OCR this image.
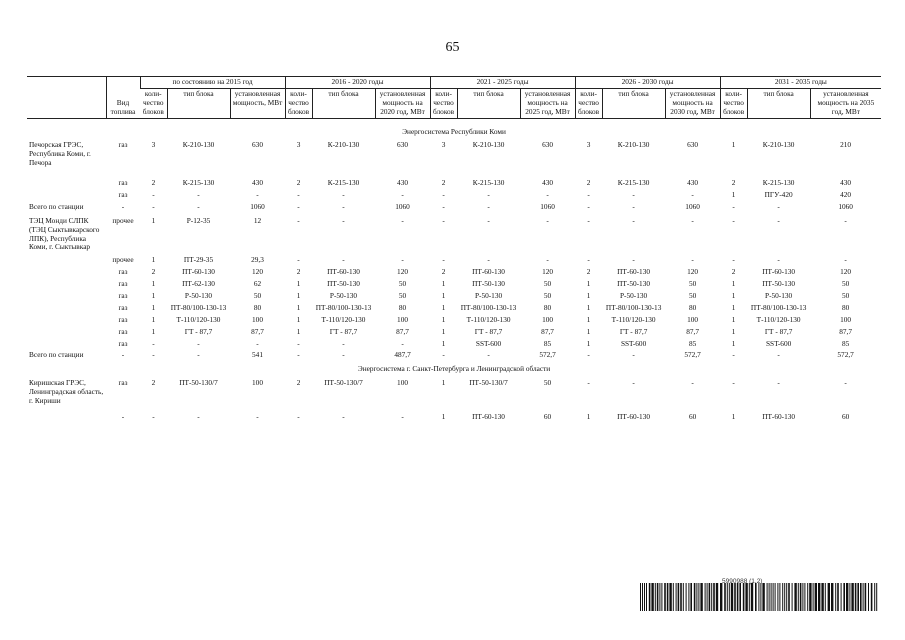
65
	Вид топлива	по состоянию на 2015 год			2016 - 2020 годы			2021 - 2025 годы			2026 - 2030 годы			2031 - 2035 годы		
		коли-чество блоков	тип блока	установленная мощность, МВт	коли-чество блоков	тип блока	установленная мощность на 2020 год, МВт	коли-чество блоков	тип блока	установленная мощность на 2025 год, МВт	коли-чество блоков	тип блока	установленная мощность на 2030 год, МВт	коли-чество блоков	тип блока	установленная мощность на 2035 год, МВт

Энергосистема Республики Коми																
Печорская ГРЭС, Республика Коми, г. Печора	газ	3	К-210-130	630	3	К-210-130	630	3	К-210-130	630	3	К-210-130	630	1	К-210-130	210
	газ	2	К-215-130	430	2	К-215-130	430	2	К-215-130	430	2	К-215-130	430	2	К-215-130	430
	газ	-	-	-	-	-	-	-	-	-	-	-	-	1	ПГУ-420	420
Всего по станции	-	-	-	1060	-	-	1060	-	-	1060	-	-	1060	-	-	1060
ТЭЦ Монди СЛПК (ТЭЦ Сыктывкарского ЛПК), Республика Коми, г. Сыктывкар	прочее	1	Р-12-35	12	-	-	-	-	-	-	-	-	-	-	-	-
	прочее	1	ПТ-29-35	29,3	-	-	-	-	-	-	-	-	-	-	-	-
	газ	2	ПТ-60-130	120	2	ПТ-60-130	120	2	ПТ-60-130	120	2	ПТ-60-130	120	2	ПТ-60-130	120
	газ	1	ПТ-62-130	62	1	ПТ-50-130	50	1	ПТ-50-130	50	1	ПТ-50-130	50	1	ПТ-50-130	50
	газ	1	Р-50-130	50	1	Р-50-130	50	1	Р-50-130	50	1	Р-50-130	50	1	Р-50-130	50
	газ	1	ПТ-80/100-130-13	80	1	ПТ-80/100-130-13	80	1	ПТ-80/100-130-13	80	1	ПТ-80/100-130-13	80	1	ПТ-80/100-130-13	80
	газ	1	Т-110/120-130	100	1	Т-110/120-130	100	1	Т-110/120-130	100	1	Т-110/120-130	100	1	Т-110/120-130	100
	газ	1	ГТ - 87,7	87,7	1	ГТ - 87,7	87,7	1	ГТ - 87,7	87,7	1	ГТ - 87,7	87,7	1	ГТ - 87,7	87,7
	газ	-	-	-	-	-	-	1	SST-600	85	1	SST-600	85	1	SST-600	85
Всего по станции	-	-	-	541	-	-	487,7	-	-	572,7	-	-	572,7	-	-	572,7
Энергосистема г. Санкт-Петербурга и Ленинградской области																
Киришская ГРЭС, Ленинградская область, г. Кириши	газ	2	ПТ-50-130/7	100	2	ПТ-50-130/7	100	1	ПТ-50-130/7	50	-	-	-	-	-	-
	-	-	-	-	-	-	-	1	ПТ-60-130	60	1	ПТ-60-130	60	1	ПТ-60-130	60
5990988 (1.2)
